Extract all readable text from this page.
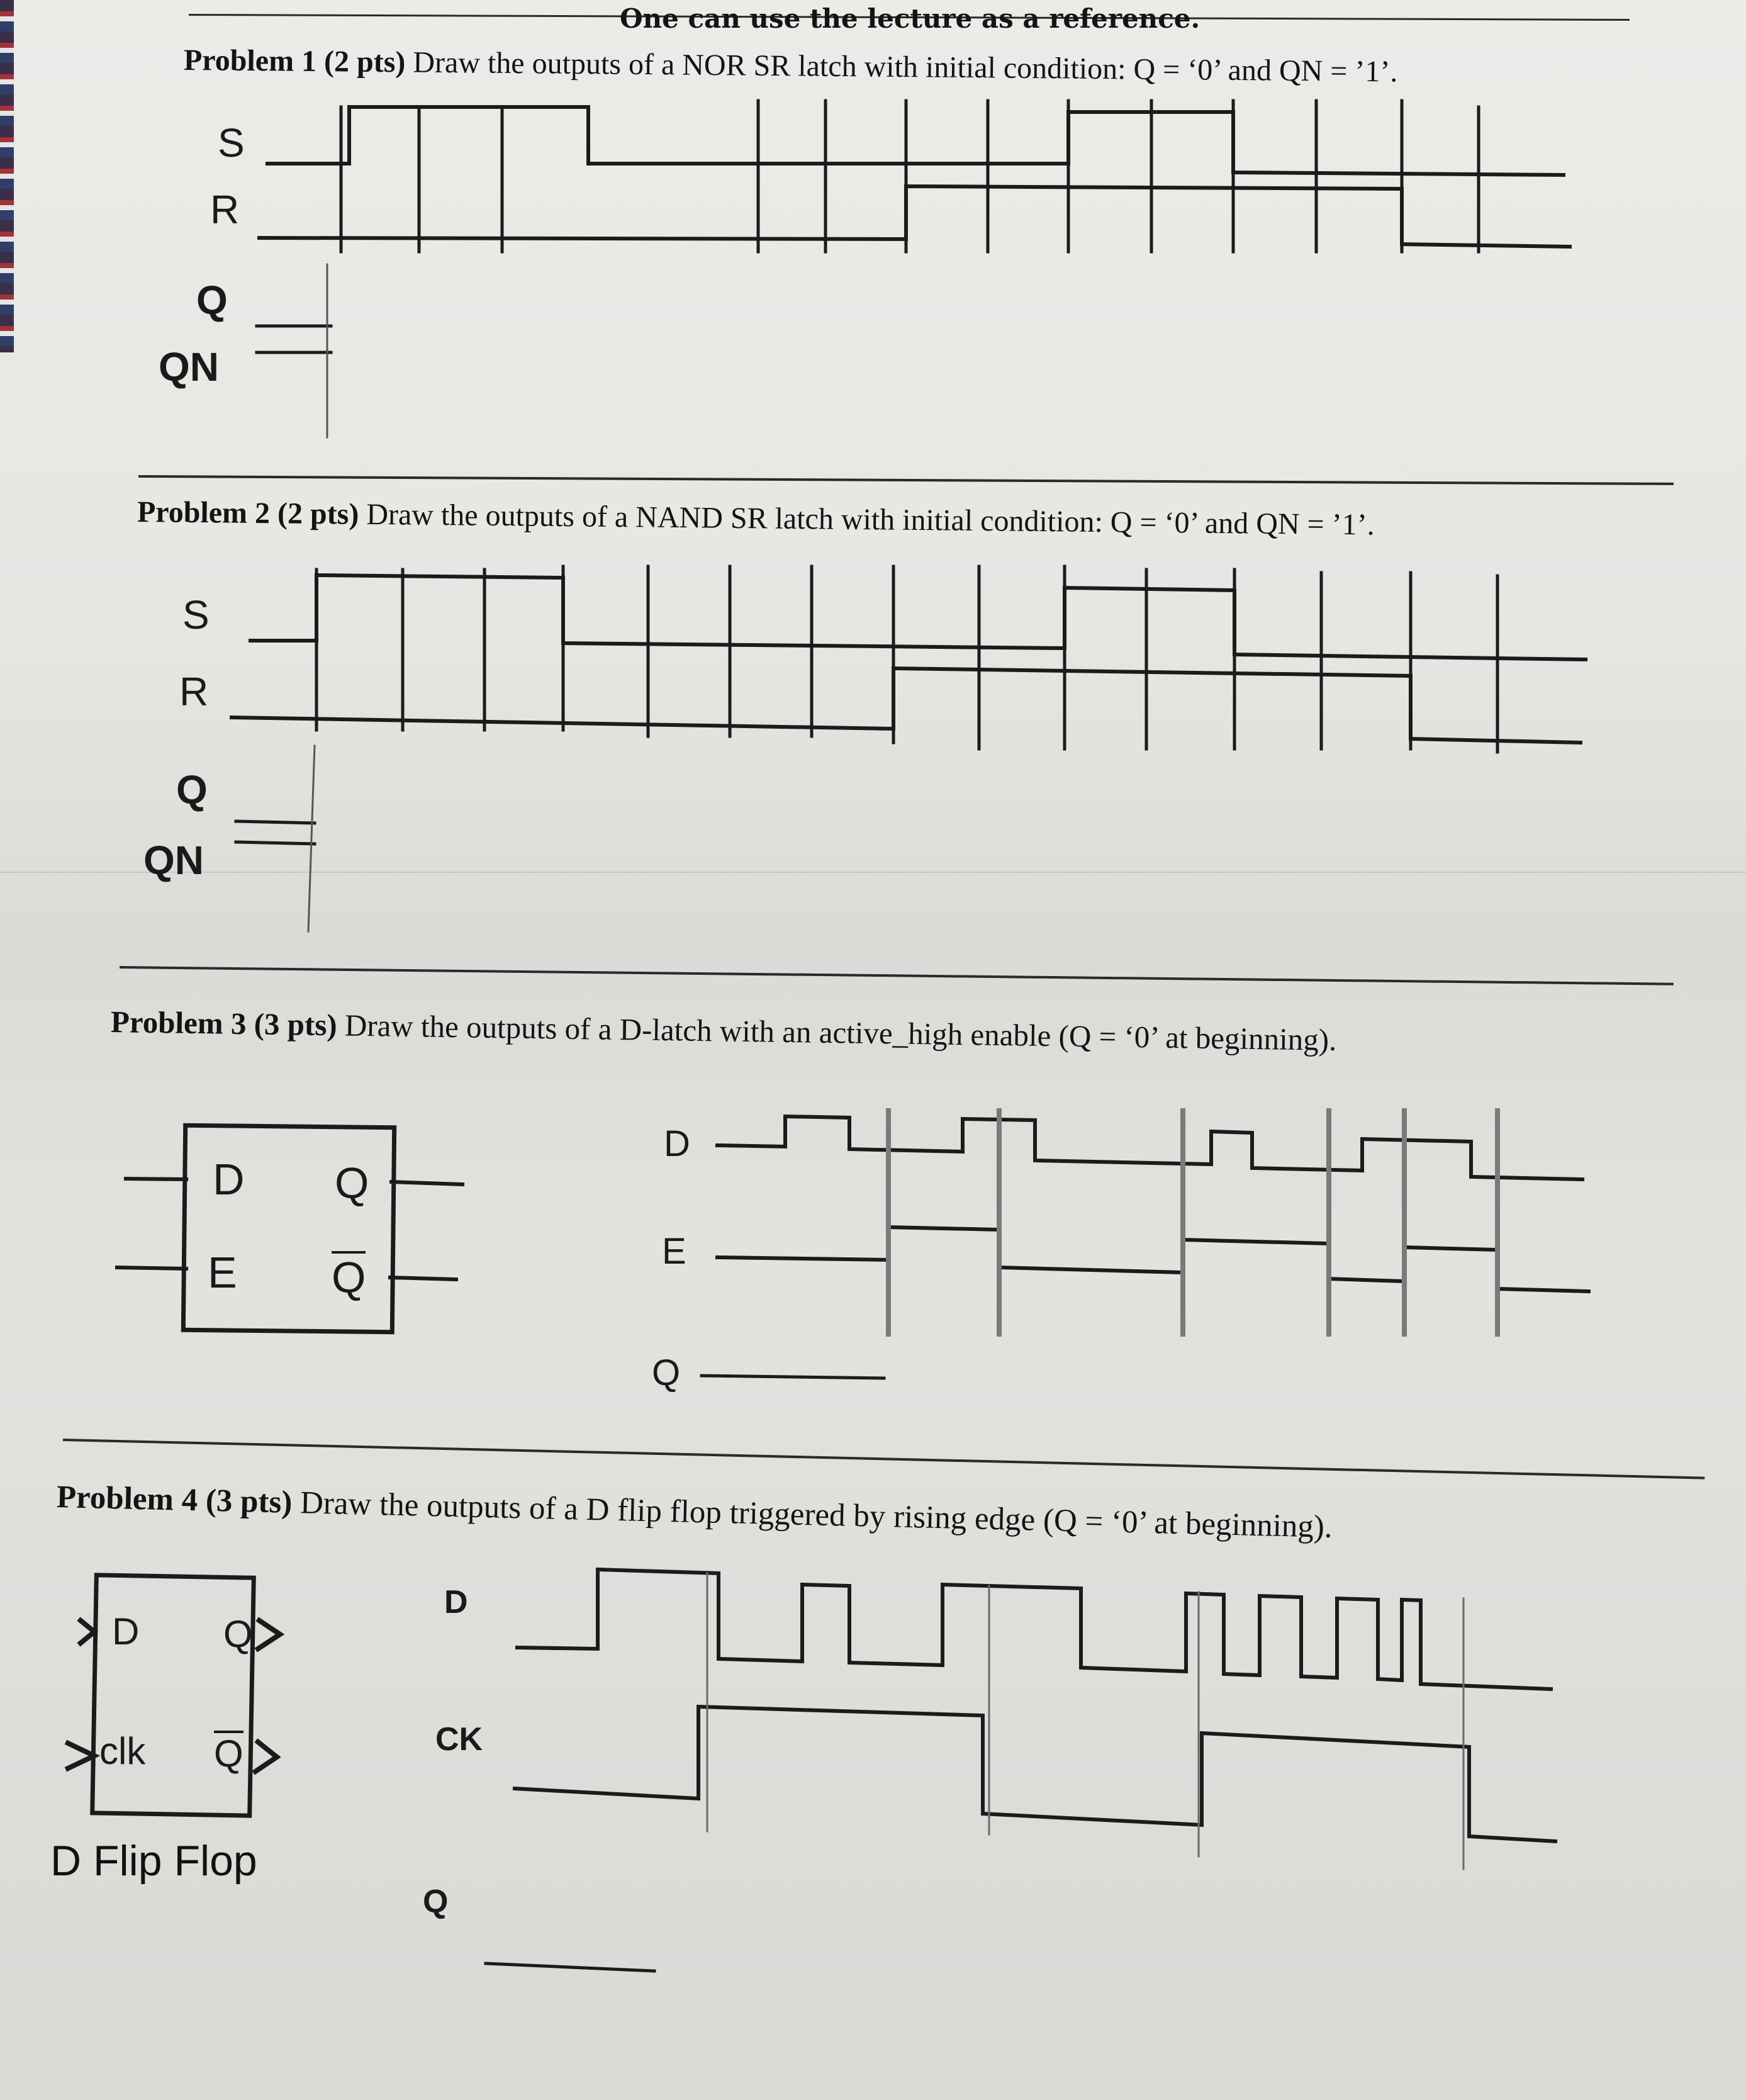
One can use the lecture as a reference.
Problem 1 (2 pts) Draw the outputs of a NOR SR latch with initial condition: Q = ‘0’ and QN = ’1’.
S
R
Q
QN
Problem 2 (2 pts) Draw the outputs of a NAND SR latch with initial condition: Q = ‘0’ and QN = ’1’.
S
R
Q
QN
Problem 3 (3 pts) Draw the outputs of a D-latch with an active_high enable (Q = ‘0’ at beginning).
D Q
E Q
D
E
Q
Problem 4 (3 pts) Draw the outputs of a D flip flop triggered by rising edge (Q = ‘0’ at beginning).
D Q
clk Q
D Flip Flop
D
CK
Q
